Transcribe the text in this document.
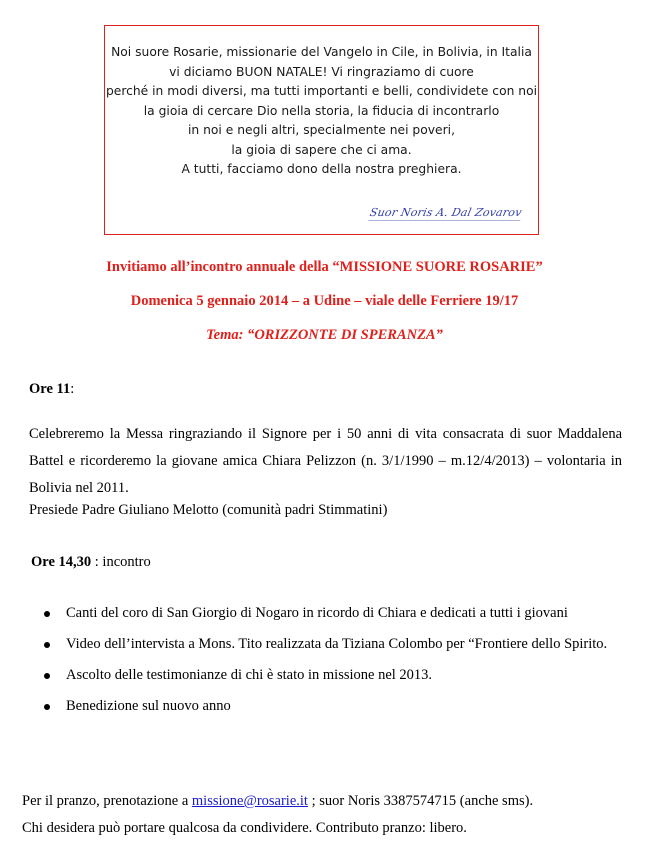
Noi suore Rosarie, missionarie del Vangelo in Cile, in Bolivia, in Italia
vi diciamo BUON NATALE! Vi ringraziamo di cuore
perché in modi diversi, ma tutti importanti e belli, condividete con noi
la gioia di cercare Dio nella storia, la fiducia di incontrarlo
in noi e negli altri, specialmente nei poveri,
la gioia di sapere che ci ama.
A tutti, facciamo dono della nostra preghiera.
Suor Noris A. Dal Zovarov
Invitiamo all’incontro annuale della “MISSIONE SUORE ROSARIE”
Domenica 5 gennaio 2014 – a Udine – viale delle Ferriere 19/17
Tema: “ORIZZONTE DI SPERANZA”
Ore 11:
Celebreremo la Messa ringraziando il Signore per i 50 anni di vita consacrata di suor Maddalena Battel e ricorderemo la giovane amica Chiara Pelizzon (n. 3/1/1990 – m.12/4/2013) – volontaria in Bolivia nel 2011.
Presiede Padre Giuliano Melotto (comunità padri Stimmatini)
Ore 14,30 : incontro
Canti del coro di San Giorgio di Nogaro in ricordo di Chiara e dedicati a tutti i giovani
Video dell’intervista a Mons. Tito realizzata da Tiziana Colombo per “Frontiere dello Spirito.
Ascolto delle testimonianze di chi è stato in missione nel 2013.
Benedizione sul nuovo anno
Per il pranzo, prenotazione a missione@rosarie.it ; suor Noris 3387574715 (anche sms).
Chi desidera può portare qualcosa da condividere. Contributo pranzo: libero.
